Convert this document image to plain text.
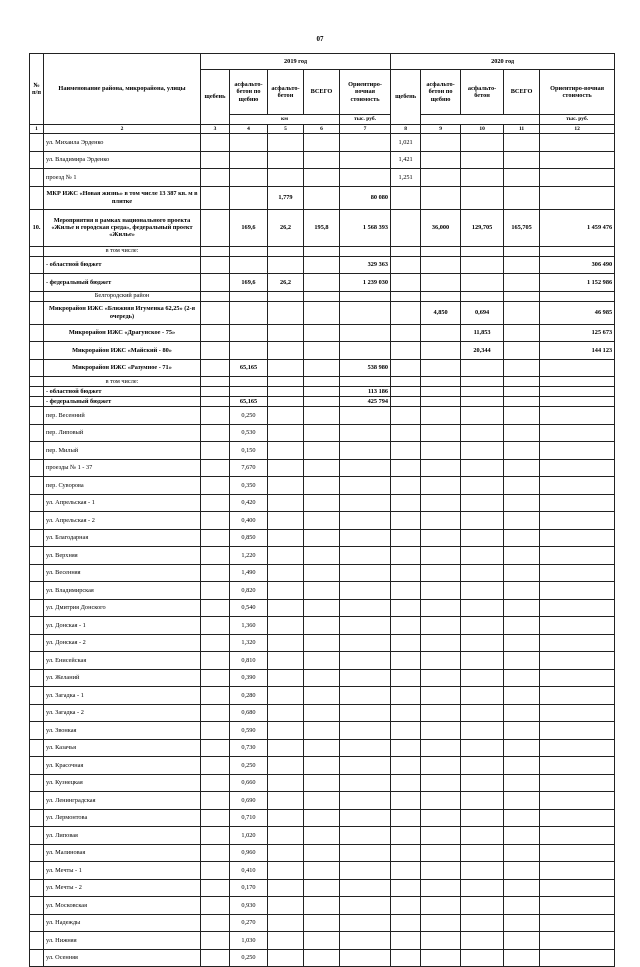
07
№ п/п	Наименование района, микрорайона, улицы	2019 год					2020 год				
		щебень	асфальто-бетон по щебню	асфальто-бетон	ВСЕГО	Ориентиро-вочная стоимость	щебень	асфальто-бетон по щебню	асфальто-бетон	ВСЕГО	Ориентиро-вочная стоимость
			км			тыс. руб.					тыс. руб.
1	2	3	4	5	6	7	8	9	10	11	12
	ул. Михаила Эрденко						1,021				
	ул. Владимира Эрденко						1,421				
	проезд № 1						1,251				
	МКР ИЖС «Новая жизнь» в том числе 13 387 кв. м в плитке			1,779		80 080					
10.	Мероприятия в рамках национального проекта «Жилье и городская среда», федеральный проект «Жилье»		169,6	26,2	195,8	1 568 393		36,000	129,705	165,705	1 459 476
	в том числе:										
	- областной бюджет					329 363					306 490
	- федеральный бюджет		169,6	26,2		1 239 030					1 152 986
	Белгородский район										
	Микрорайон ИЖС «Ближняя Игуменка 62,25» (2-я очередь)							4,850	0,694		46 985
	Микрорайон ИЖС «Драгунское - 75»								11,853		125 673
	Микрорайон ИЖС «Майский - 80»								20,344		144 123
	Микрорайон ИЖС «Разумное - 71»		65,165			538 980					
	в том числе:										
	- областной бюджет					113 186					
	- федеральный бюджет		65,165			425 794					
	пер. Весенний		0,250								
	пер. Липовый		0,530								
	пер. Милый		0,150								
	проезды № 1 - 37		7,670								
	пер. Суворова		0,350								
	ул. Апрельская - 1		0,420								
	ул. Апрельская - 2		0,400								
	ул. Благодарная		0,850								
	ул. Верхняя		1,220								
	ул. Весенняя		1,490								
	ул. Владимирская		0,820								
	ул. Дмитрия Донского		0,540								
	ул. Донская - 1		1,360								
	ул. Донская - 2		1,320								
	ул. Енисейская		0,810								
	ул. Желаний		0,390								
	ул. Загадка - 1		0,280								
	ул. Загадка - 2		0,680								
	ул. Звонкая		0,590								
	ул. Казачья		0,730								
	ул. Красочная		0,250								
	ул. Кузнецкая		0,660								
	ул. Ленинградская		0,690								
	ул. Лермонтова		0,710								
	ул. Липовая		1,020								
	ул. Малиновая		0,960								
	ул. Мечты - 1		0,410								
	ул. Мечты - 2		0,170								
	ул. Московская		0,930								
	ул. Надежды		0,270								
	ул. Нижняя		1,030								
	ул. Осенняя		0,250								
